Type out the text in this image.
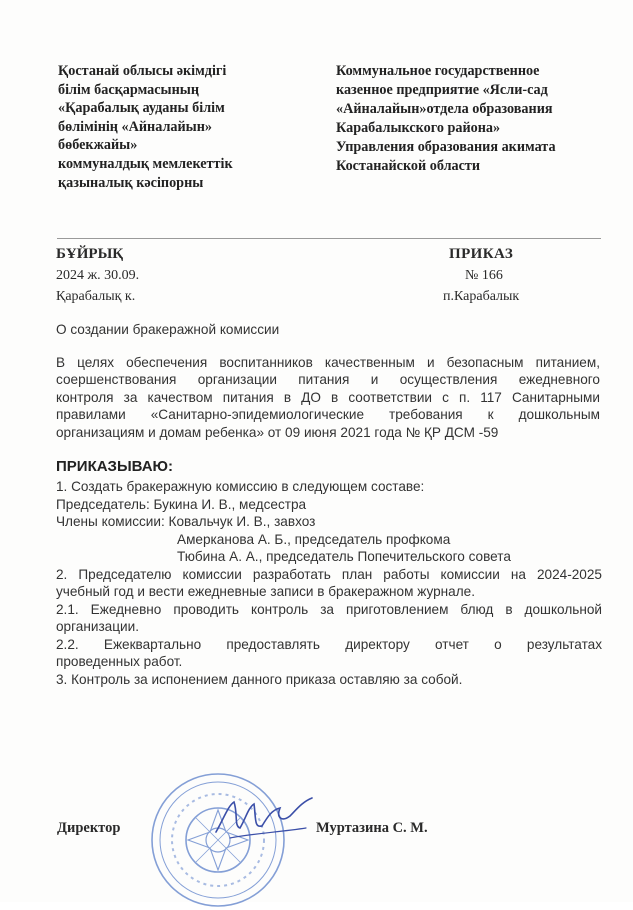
Қостанай облысы әкімдігі
білім басқармасының
«Қарабалық ауданы білім
бөлімінің «Айналайын»
бөбекжайы»
коммуналдық мемлекеттік
қазыналық кәсіпорны
Коммунальное государственное
казенное предприятие «Ясли-сад
«Айналайын»отдела образования
Карабалыкского района»
Управления образования акимата
Костанайской области
БҰЙРЫҚ	ПРИКАЗ
2024 ж. 30.09.	№ 166
Қарабалық к.	п.Карабалык
О создании бракеражной комиссии
В целях обеспечения воспитанников качественным и безопасным питанием,
соершенствования организации питания и осуществления ежедневного
контроля за качеством питания в ДО в соответствии с п. 117 Санитарными
правилами «Санитарно-эпидемиологические требования к дошкольным
организациям и домам ребенка» от 09 июня 2021 года № ҚР ДСМ -59
ПРИКАЗЫВАЮ:
1. Создать бракеражную комиссию в следующем составе:
Председатель: Букина И. В., медсестра
Члены комиссии: Ковальчук И. В., завхоз
Амерканова А. Б., председатель профкома
Тюбина А. А., председатель Попечительского совета
2. Председателю комиссии разработать план работы комиссии на 2024-2025
учебный год и вести ежедневные записи в бракеражном журнале.
2.1. Ежедневно проводить контроль за приготовлением блюд в дошкольной
организации.
2.2. Ежеквартально предоставлять директору отчет о результатах
проведенных работ.
3. Контроль за испонением данного приказа оставляю за собой.
Директор	Муртазина С. М.
